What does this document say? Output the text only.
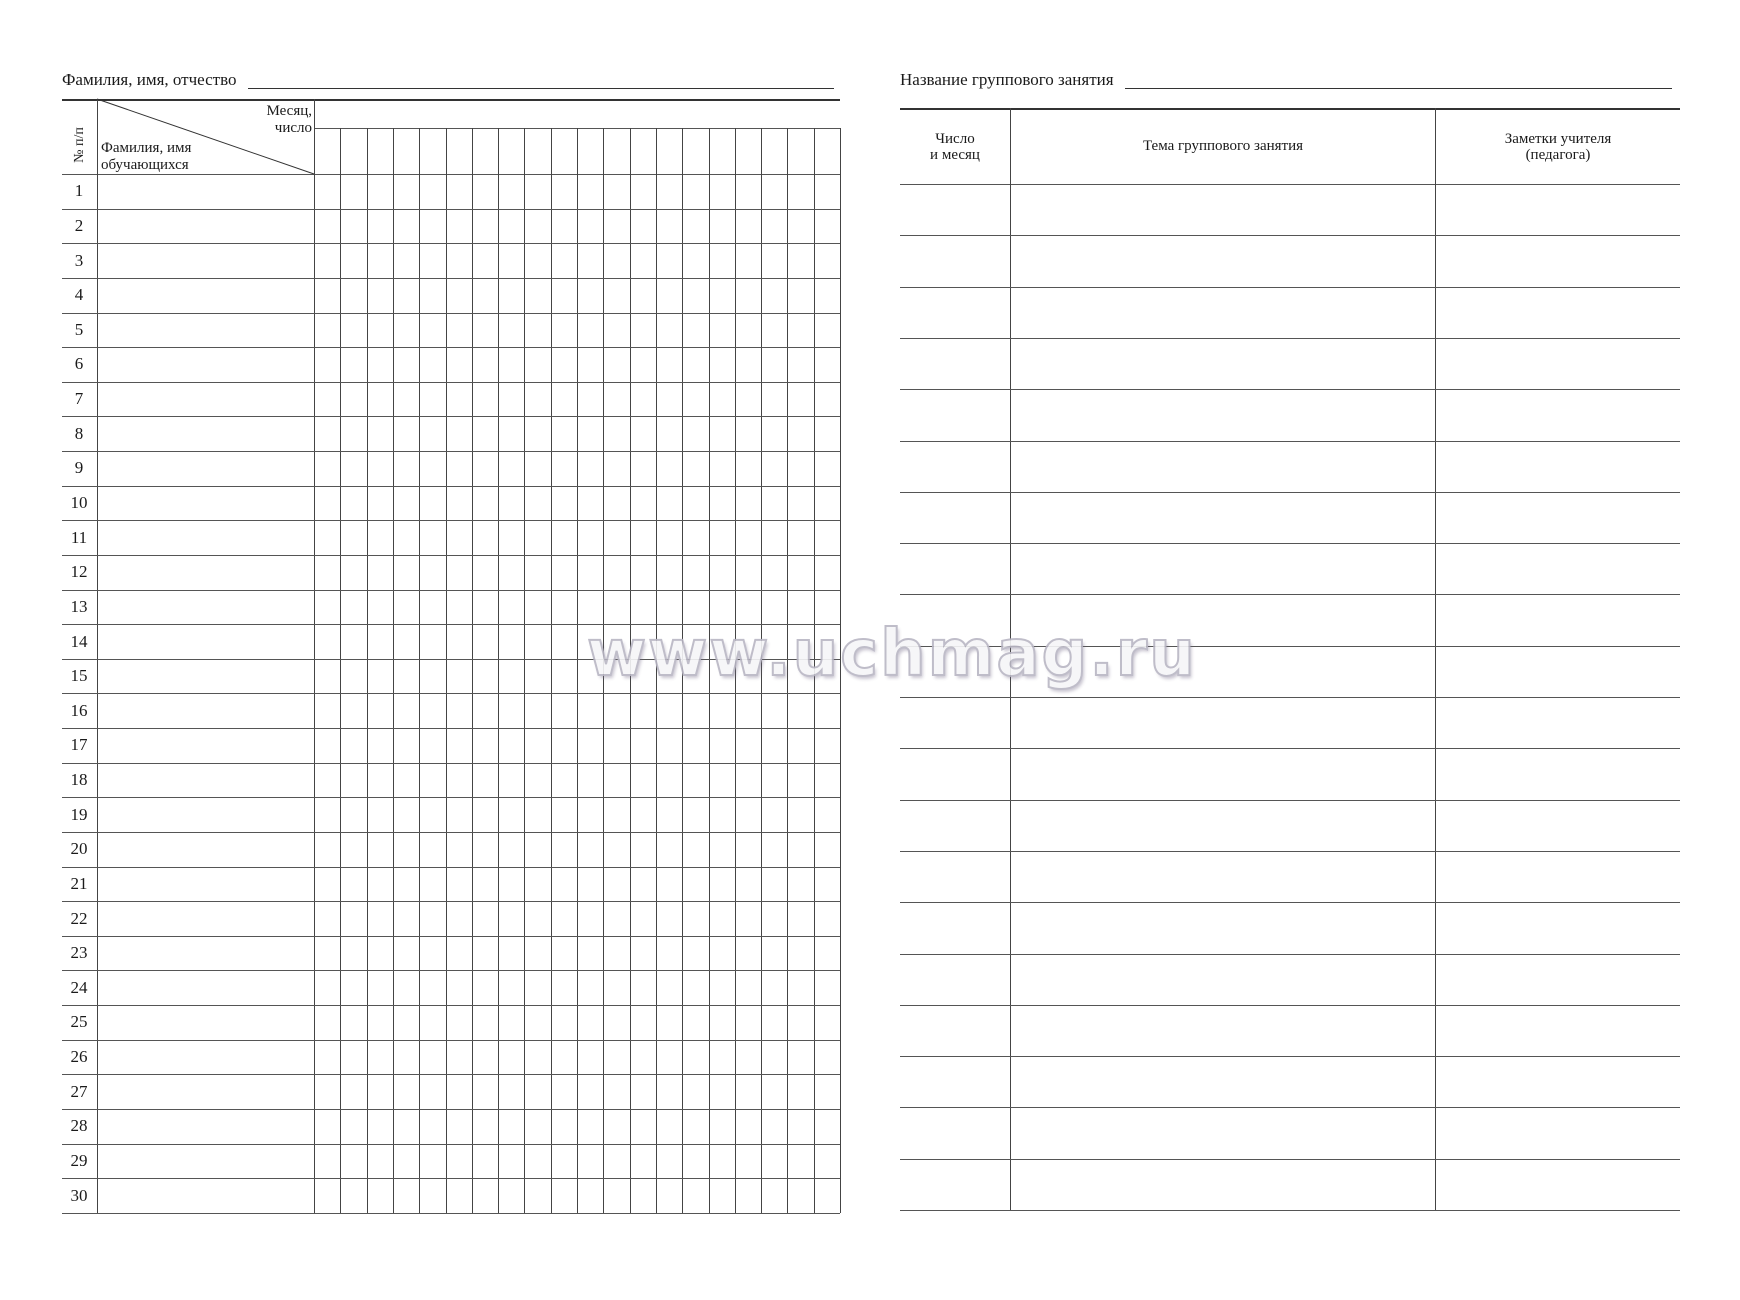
Фамилия, имя, отчество
1
2
3
4
5
6
7
8
9
10
11
12
13
14
15
16
17
18
19
20
21
22
23
24
25
26
27
28
29
30
№ п/п Фамилия, имя
обучающихся
Месяц,
число
Название группового занятия
Число
и месяц
Тема группового занятия	Заметки учителя
(педагога)
www.uchmag.ru
